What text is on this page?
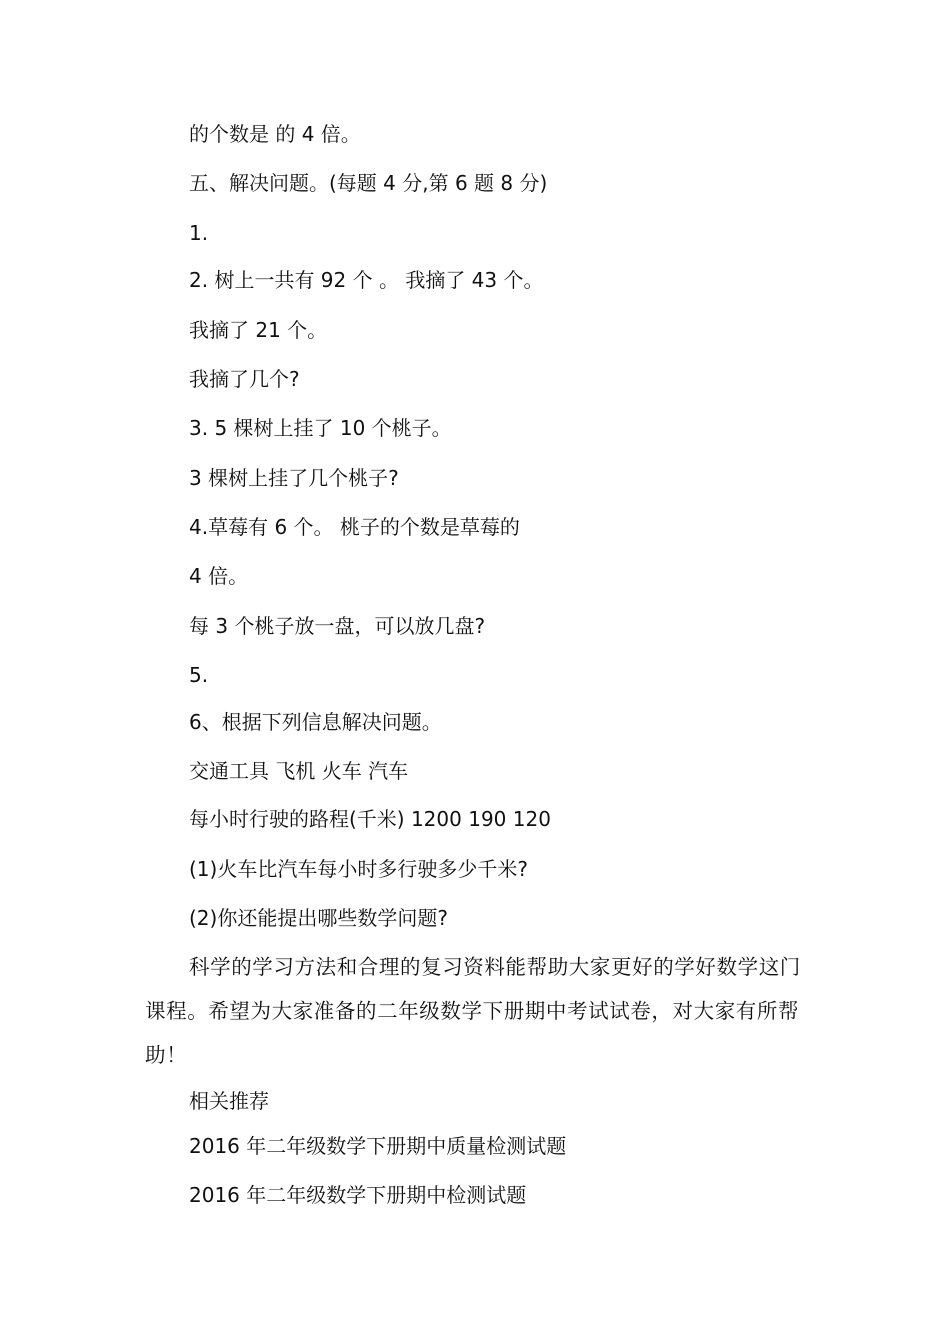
的个数是 的 4 倍。
五、解决问题。(每题 4 分,第 6 题 8 分)
1.
2. 树上一共有 92 个 。 我摘了 43 个。
我摘了 21 个。
我摘了几个?
3. 5 棵树上挂了 10 个桃子。
3 棵树上挂了几个桃子?
4.草莓有 6 个。 桃子的个数是草莓的
4 倍。
每 3 个桃子放一盘，可以放几盘?
5.
6、根据下列信息解决问题。
交通工具 飞机 火车 汽车
每小时行驶的路程(千米) 1200 190 120
(1)火车比汽车每小时多行驶多少千米?
(2)你还能提出哪些数学问题?
科学的学习方法和合理的复习资料能帮助大家更好的学好数学这门课程。希望为大家准备的二年级数学下册期中考试试卷，对大家有所帮助！
相关推荐
2016 年二年级数学下册期中质量检测试题
2016 年二年级数学下册期中检测试题
